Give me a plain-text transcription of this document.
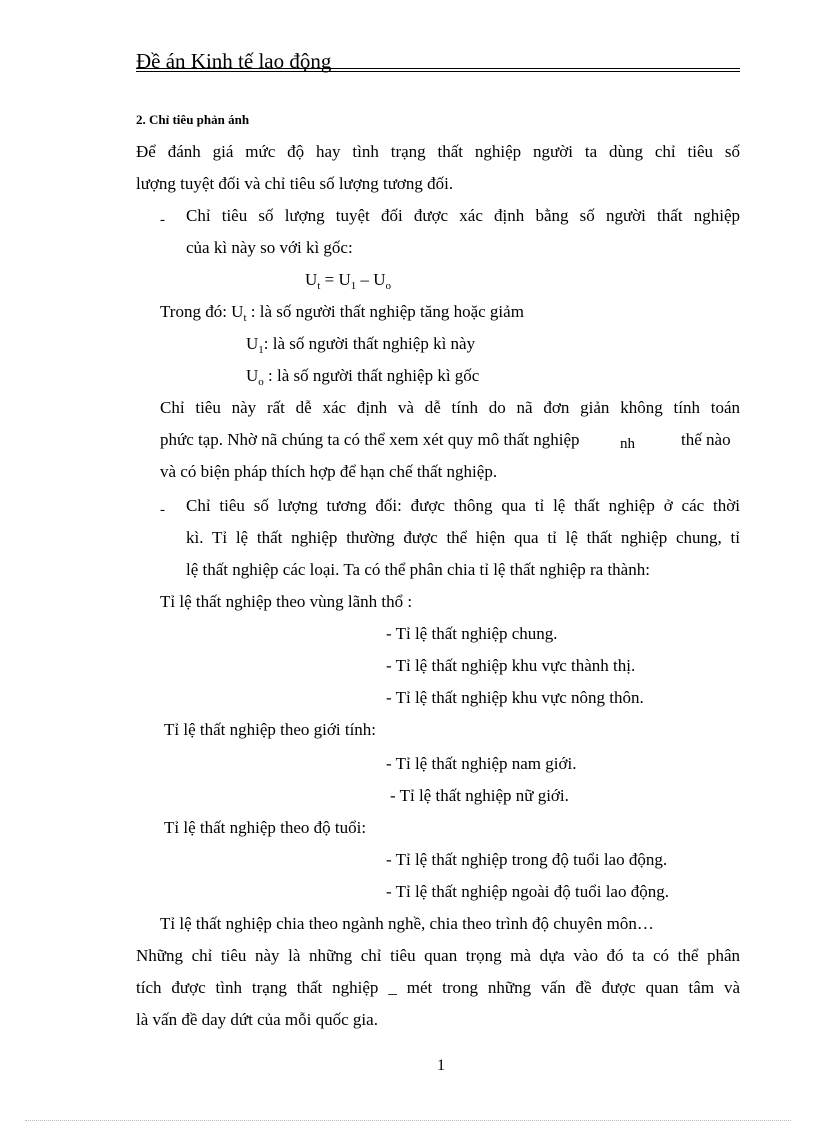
Đề án Kinh tế lao động
2. Chỉ tiêu phản ánh
Để đánh giá mức độ hay tình trạng thất nghiệp người ta dùng chỉ tiêu số
lượng tuyệt đối và chỉ tiêu số lượng tương đối.
- Chỉ tiêu số lượng tuyệt đối được xác định bằng số người thất nghiệp
của kì này so với kì gốc:
$U_t = U_1 - U_o$
Trong đó: $U_t$ : là số người thất nghiệp tăng hoặc giảm
$U_1$: là số người thất nghiệp kì này
$U_o$ : là số người thất nghiệp kì gốc
Chỉ tiêu này rất dễ xác định và dễ tính do nã đơn giản không tính toán
phức tạp. Nhờ nã chúng ta có thể xem xét quy mô thất nghiệp	nh	thế nào
và có biện pháp thích hợp để hạn chế thất nghiệp.
- Chỉ tiêu số lượng tương đối: được thông qua tỉ lệ thất nghiệp ở các thời
kì. Tỉ lệ thất nghiệp thường được thể hiện qua tỉ lệ thất nghiệp chung, tỉ
lệ thất nghiệp các loại. Ta có thể phân chia tỉ lệ thất nghiệp ra thành:
Tỉ lệ thất nghiệp theo vùng lãnh thổ :
- Tỉ lệ thất nghiệp chung.
- Tỉ lệ thất nghiệp khu vực thành thị.
- Tỉ lệ thất nghiệp khu vực nông thôn.
Tỉ lệ thất nghiệp theo giới tính:
- Tỉ lệ thất nghiệp nam giới.
- Tỉ lệ thất nghiệp nữ giới.
Tỉ lệ thất nghiệp theo độ tuổi:
- Tỉ lệ thất nghiệp trong độ tuổi lao động.
- Tỉ lệ thất nghiệp ngoài độ tuổi lao động.
Tỉ lệ thất nghiệp chia theo ngành nghề, chia theo trình độ chuyên môn…
Những chỉ tiêu này là những chỉ tiêu quan trọng mà dựa vào đó ta có thể phân
tích được tình trạng thất nghiệp _ mét trong những vấn đề được quan tâm và
là vấn đề day dứt của mỗi quốc gia.
1
